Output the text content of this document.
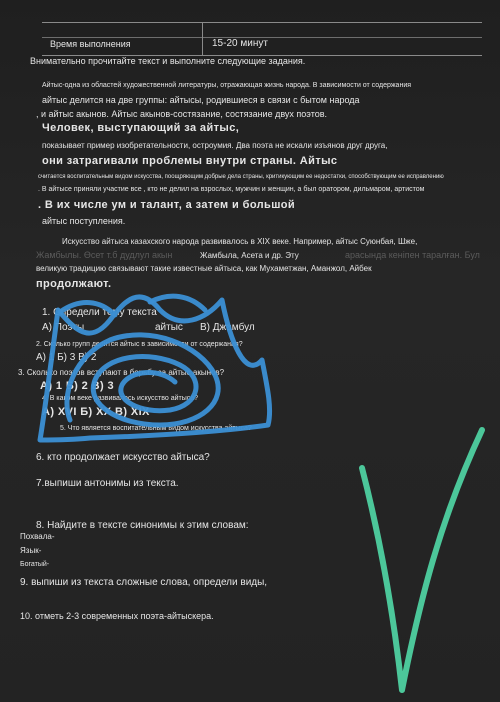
Время выполнения	15-20 минут
Внимательно прочитайте текст и выполните следующие задания.
Айтыс-одна из областей художественной литературы, отражающая жизнь народа. В зависимости от содержания
айтыс делится на две группы: айтысы, родившиеся в связи с бытом народа
, и айтыс акынов. Айтыс акынов-состязание, состязание двух поэтов.
Человек, выступающий за айтыс,
показывает пример изобретательности, остроумия. Два поэта не искали изъянов друг друга,
они затрагивали проблемы внутри страны. Айтыс
считается воспитательным видом искусства, поощряющим добрые дела страны, критикующим ее недостатки, способствующим ее исправлению
. В айтысе приняли участие все , кто не делил на взрослых, мужчин и женщин, а был оратором, дильмаром, артистом
. В их числе ум и талант, а затем и большой
айтыс поступления.
Искусство айтыса казахского народа развивалось в XIX веке. Например, айтыс Суюнбая, Шже,
Жамбылы. Өсет т.б дудлул акын	Жамбыла, Асета и др. Эту	арасында кеніпен таралған. Бул
великую традицию связывают такие известные айтыса, как Мухаметжан, Аманжол, Айбек
продолжают.
1. Определи тему текста
А) Поэты	айтыс В) Джамбул
2. Сколько групп делится айтыс в зависимости от содержания?
А) 1 Б) 3 В) 2
3. Сколько поэтов вступают в борьбу за айтыс акынов?
А) 1 Б) 2 В) 3
4. В каком веке развивалось искусство айтыса?
А) XVI Б) XX В) XIX
5. Что является воспитательным видом искусства айтыса?
6. кто продолжает искусство айтыса?
7.выпиши антонимы из текста.
8. Найдите в тексте синонимы к этим словам:
Похвала-
Язык-
Богатый-
9. выпиши из текста сложные слова, определи виды,
10. отметь 2-3 современных поэта-айтыскера.
